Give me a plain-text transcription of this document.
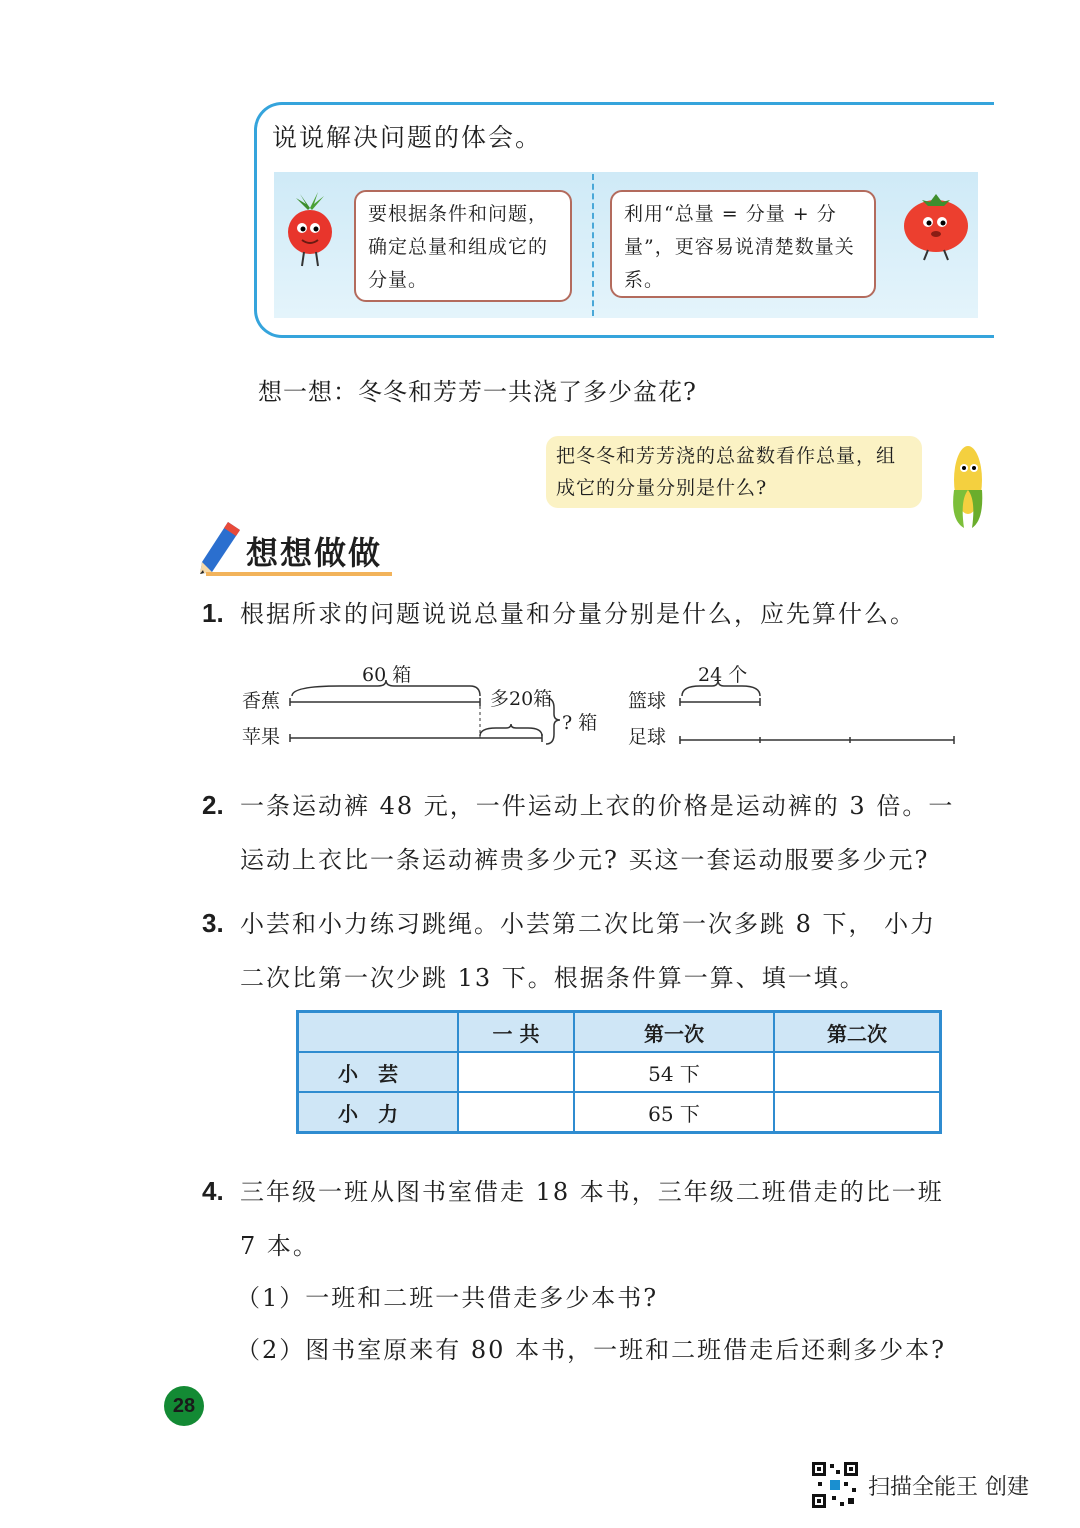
说说解决问题的体会。
要根据条件和问题，确定总量和组成它的分量。
利用“总量 = 分量 + 分量”，更容易说清楚数量关系。
想一想：冬冬和芳芳一共浇了多少盆花?
把冬冬和芳芳浇的总盆数看作总量，组成它的分量分别是什么?
想想做做
1. 根据所求的问题说说总量和分量分别是什么，应先算什么。
60 箱
香蕉
苹果
多20箱
? 箱
24 个
篮球
足球
2. 一条运动裤 48 元，一件运动上衣的价格是运动裤的 3 倍。一
运动上衣比一条运动裤贵多少元? 买这一套运动服要多少元?
3. 小芸和小力练习跳绳。小芸第二次比第一次多跳 8 下， 小力
二次比第一次少跳 13 下。根据条件算一算、填一填。
	一 共	第一次	第二次
小芸		54 下	
小力		65 下	
4. 三年级一班从图书室借走 18 本书，三年级二班借走的比一班
7 本。
（1）一班和二班一共借走多少本书?
（2）图书室原来有 80 本书，一班和二班借走后还剩多少本?
28
扫描全能王 创建
